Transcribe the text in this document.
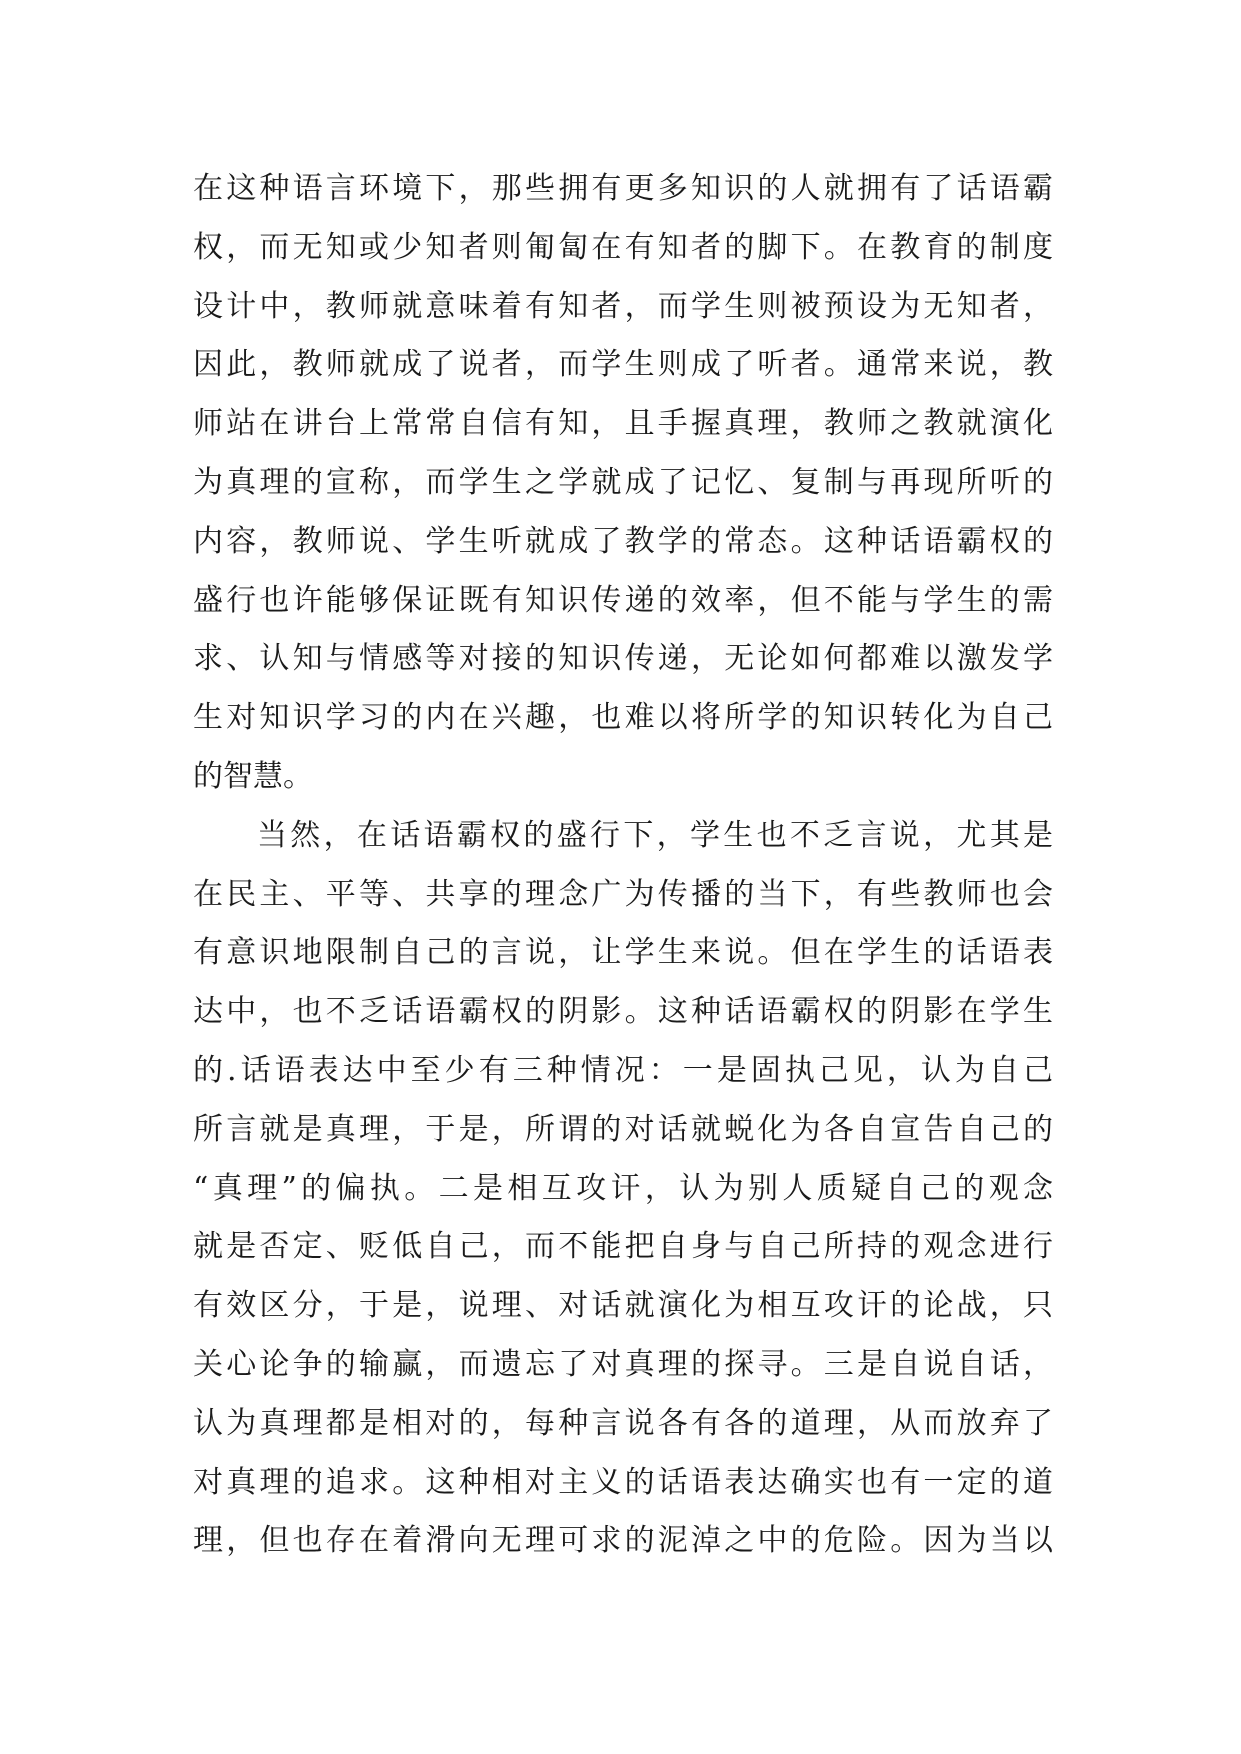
在这种语言环境下，那些拥有更多知识的人就拥有了话语霸
权，而无知或少知者则匍匐在有知者的脚下。在教育的制度
设计中，教师就意味着有知者，而学生则被预设为无知者，
因此，教师就成了说者，而学生则成了听者。通常来说，教
师站在讲台上常常自信有知，且手握真理，教师之教就演化
为真理的宣称，而学生之学就成了记忆、复制与再现所听的
内容，教师说、学生听就成了教学的常态。这种话语霸权的
盛行也许能够保证既有知识传递的效率，但不能与学生的需
求、认知与情感等对接的知识传递，无论如何都难以激发学
生对知识学习的内在兴趣，也难以将所学的知识转化为自己
的智慧。
当然，在话语霸权的盛行下，学生也不乏言说，尤其是
在民主、平等、共享的理念广为传播的当下，有些教师也会
有意识地限制自己的言说，让学生来说。但在学生的话语表
达中，也不乏话语霸权的阴影。这种话语霸权的阴影在学生
的.话语表达中至少有三种情况：一是固执己见，认为自己
所言就是真理，于是，所谓的对话就蜕化为各自宣告自己的
“真理”的偏执。二是相互攻讦，认为别人质疑自己的观念
就是否定、贬低自己，而不能把自身与自己所持的观念进行
有效区分，于是，说理、对话就演化为相互攻讦的论战，只
关心论争的输赢，而遗忘了对真理的探寻。三是自说自话，
认为真理都是相对的，每种言说各有各的道理，从而放弃了
对真理的追求。这种相对主义的话语表达确实也有一定的道
理，但也存在着滑向无理可求的泥淖之中的危险。因为当以
